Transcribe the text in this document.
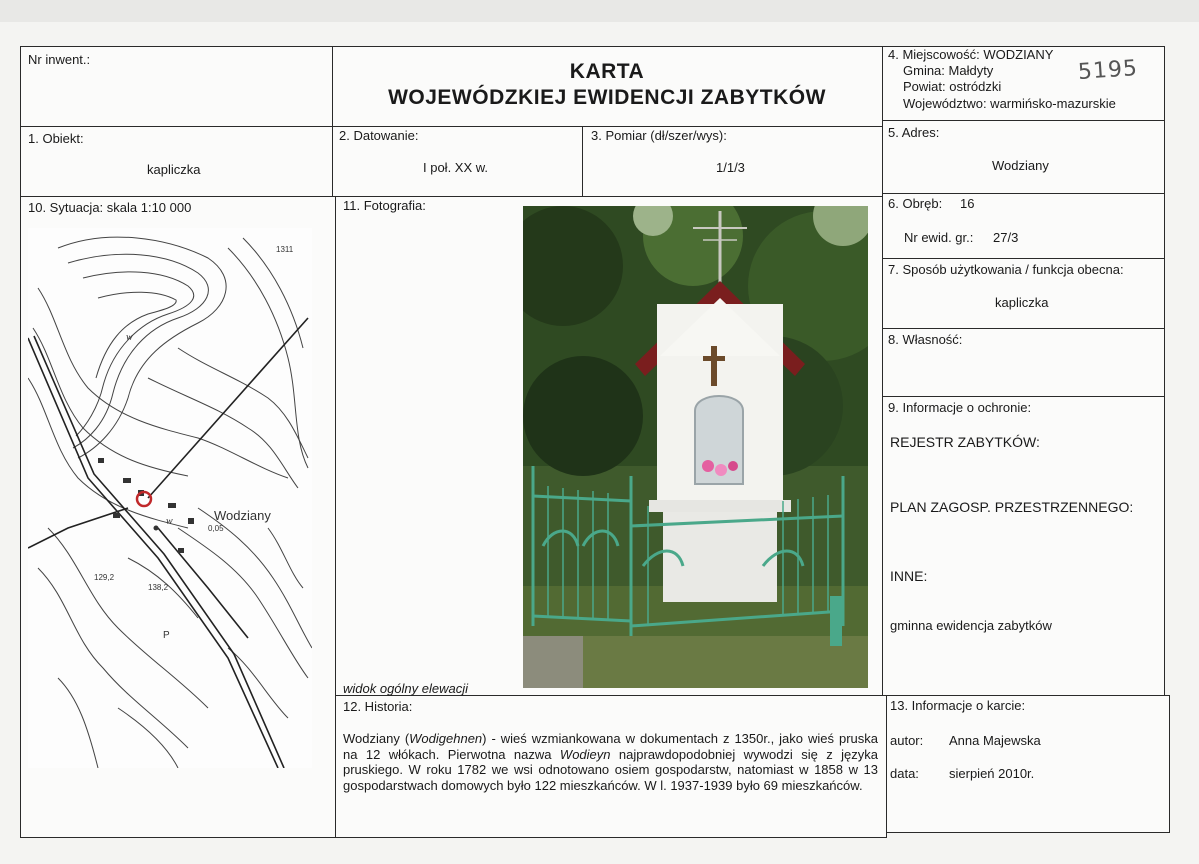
Nr inwent.:
KARTA
WOJEWÓDZKIEJ EWIDENCJI ZABYTKÓW
4. Miejscowość: WODZIANY
Gmina: Małdyty
Powiat: ostródzki
Województwo: warmińsko-mazurskie
5195
1. Obiekt:
kapliczka
2. Datowanie:
I poł. XX w.
3. Pomiar (dł/szer/wys):
1/1/3
5. Adres:
Wodziany
6. Obręb: 16
Nr ewid. gr.: 27/3
7. Sposób użytkowania / funkcja obecna:
kapliczka
8. Własność:
9. Informacje o ochronie:
REJESTR ZABYTKÓW:
PLAN ZAGOSP. PRZESTRZENNEGO:
INNE:
gminna ewidencja zabytków
13. Informacje o karcie:
autor: Anna Majewska
data: sierpień 2010r.
10. Sytuacja: skala 1:10 000	11. Fotografia:
widok ogólny elewacji
12. Historia:
Wodziany (Wodigehnen) - wieś wzmiankowana w dokumentach z 1350r., jako wieś pruska na 12 włókach. Pierwotna nazwa Wodieyn najprawdopodobniej wywodzi się z języka pruskiego. W roku 1782 we wsi odnotowano osiem gospodarstw, natomiast w 1858 w 13 gospodarstwach domowych było 122 mieszkańców. W l. 1937-1939 było 69 mieszkańców.
Wodziany
0,05
w
w
P
138,2
129,2
1311
